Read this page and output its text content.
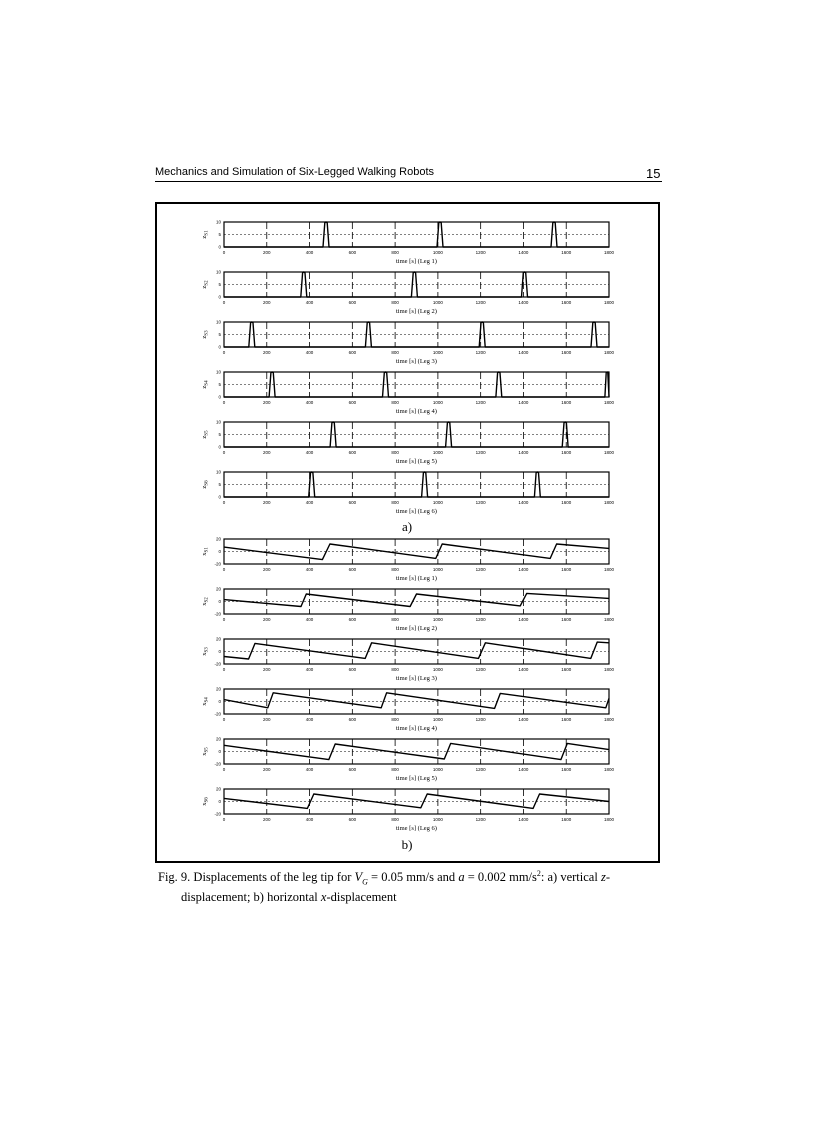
Mechanics and Simulation of Six-Legged Walking Robots	15
a)
b)
0	200	400	600	800	1000	1200	1400	1600	1800
0
5
10
$z_{S1}$
time [s] (Leg 1)
0	200	400	600	800	1000	1200	1400	1600	1800
0
5
10
$z_{S2}$
time [s] (Leg 2)
0	200	400	600	800	1000	1200	1400	1600	1800
0
5
10
$z_{S3}$
time [s] (Leg 3)
0	200	400	600	800	1000	1200	1400	1600	1800
0
5
10
$z_{S4}$
time [s] (Leg 4)
0	200	400	600	800	1000	1200	1400	1600	1800
0
5
10
$z_{S5}$
time [s] (Leg 5)
0	200	400	600	800	1000	1200	1400	1600	1800
0
5
10
$z_{S6}$
time [s] (Leg 6)
0	200	400	600	800	1000	1200	1400	1600	1800
-20
0
20
$x_{S1}$
time [s] (Leg 1)
0	200	400	600	800	1000	1200	1400	1600	1800
-20
0
20
$x_{S2}$
time [s] (Leg 2)
0	200	400	600	800	1000	1200	1400	1600	1800
-20
0
20
$x_{S3}$
time [s] (Leg 3)
0	200	400	600	800	1000	1200	1400	1600	1800
-20
0
20
$x_{S4}$
time [s] (Leg 4)
0	200	400	600	800	1000	1200	1400	1600	1800
-20
0
20
$x_{S5}$
time [s] (Leg 5)
0	200	400	600	800	1000	1200	1400	1600	1800
-20
0
20
$x_{S6}$
time [s] (Leg 6)

Fig. 9. Displacements of the leg tip for $V_G = 0.05$ mm/s and a = 0.002 $mm/s^2$: a) vertical z-

displacement; b) horizontal x-displacement
